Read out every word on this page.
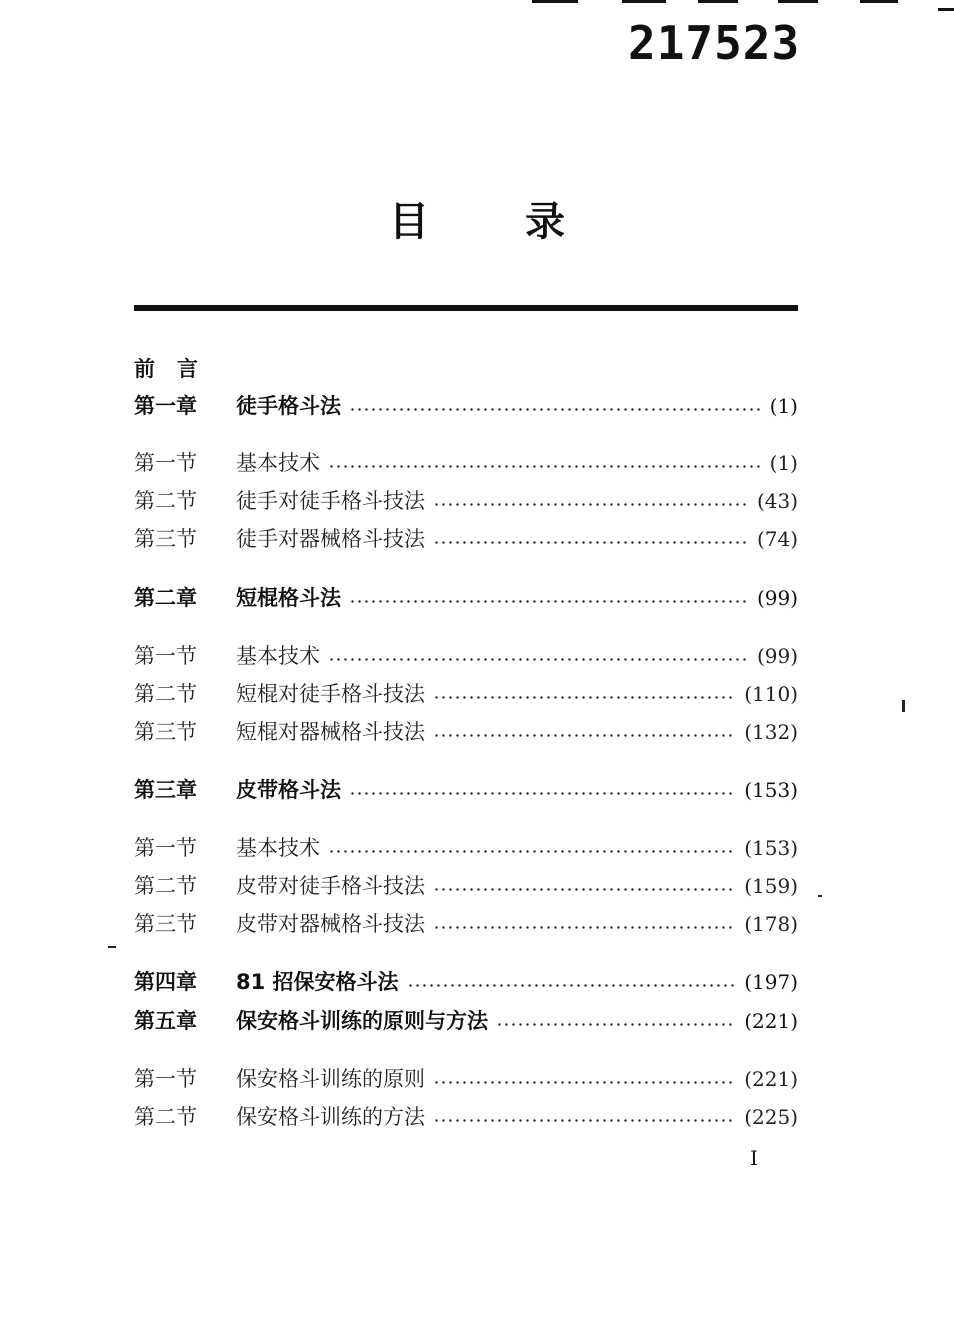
217523
目 录
前言
第一章	徒手格斗法	(1)
第一节	基本技术	(1)
第二节	徒手对徒手格斗技法	(43)
第三节	徒手对器械格斗技法	(74)
第二章	短棍格斗法	(99)
第一节	基本技术	(99)
第二节	短棍对徒手格斗技法	(110)
第三节	短棍对器械格斗技法	(132)
第三章	皮带格斗法	(153)
第一节	基本技术	(153)
第二节	皮带对徒手格斗技法	(159)
第三节	皮带对器械格斗技法	(178)
第四章	81 招保安格斗法	(197)
第五章	保安格斗训练的原则与方法	(221)
第一节	保安格斗训练的原则	(221)
第二节	保安格斗训练的方法	(225)
I
